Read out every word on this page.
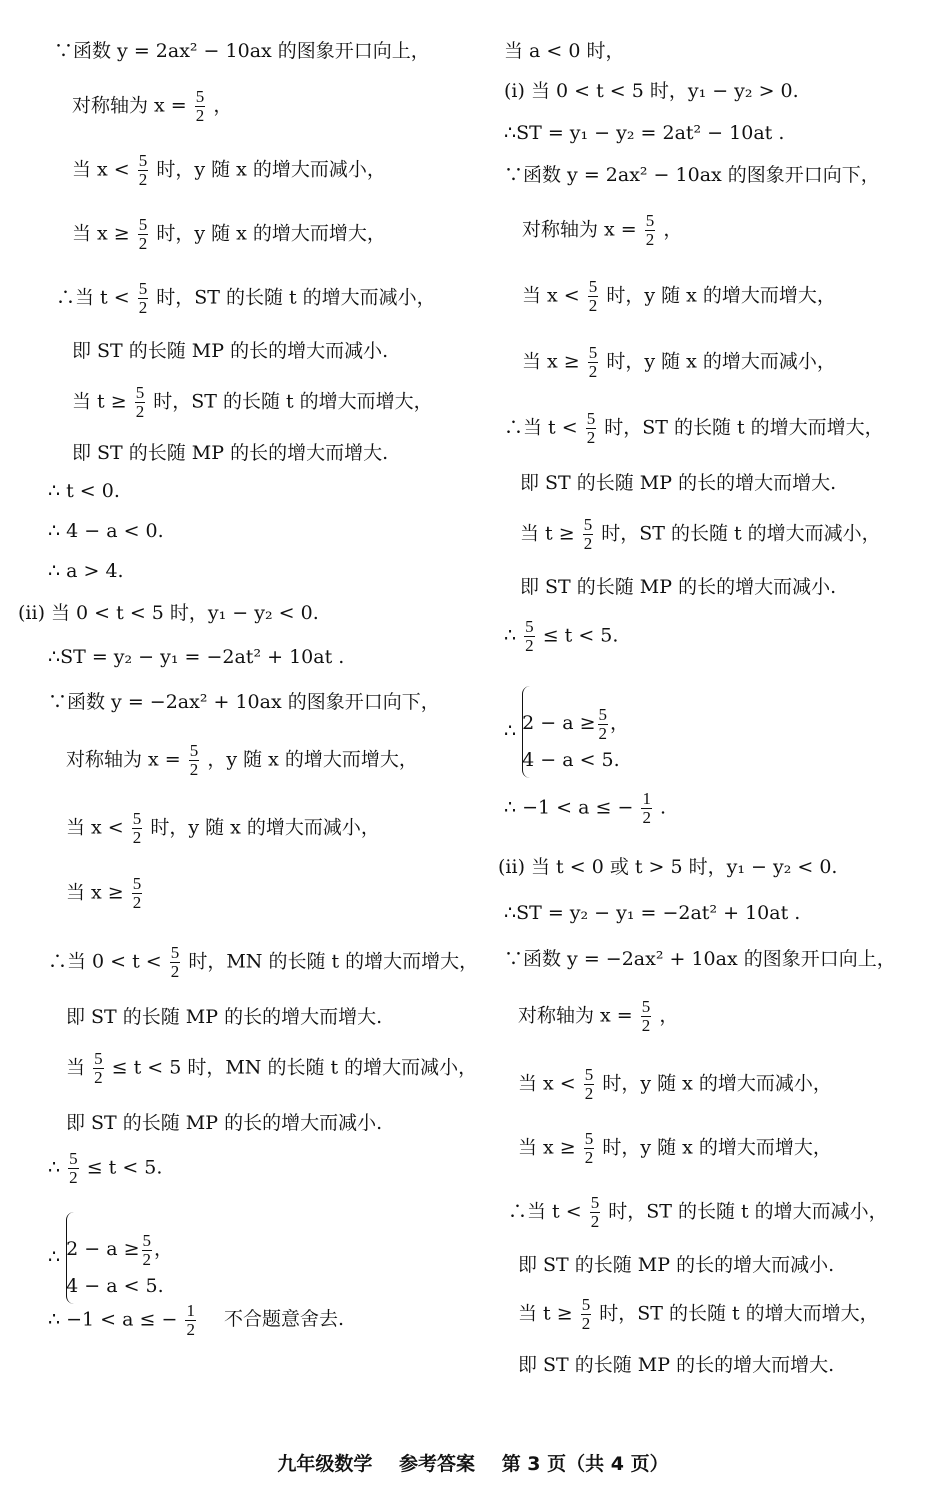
∵函数 y = 2ax² − 10ax 的图象开口向上，
对称轴为 $x = \frac{5}{2}$ ，
当 $x < \frac{5}{2}$ 时，y 随 x 的增大而减小，
当 $x \ge \frac{5}{2}$ 时，y 随 x 的增大而增大，
∴当 $t < \frac{5}{2}$ 时，ST 的长随 t 的增大而减小，
即 ST 的长随 MP 的长的增大而减小.
当 $t \ge \frac{5}{2}$ 时，ST 的长随 t 的增大而增大，
即 ST 的长随 MP 的长的增大而增大.
∴ t < 0.
∴ 4 − a < 0.
∴ a > 4.
(ii) 当 0 < t < 5 时，y₁ − y₂ < 0.
∴ST = y₂ − y₁ = −2at² + 10at .
∵函数 y = −2ax² + 10ax 的图象开口向下，
对称轴为 $x = \frac{5}{2}$ ，y 随 x 的增大而增大，
当 $x < \frac{5}{2}$ 时，y 随 x 的增大而减小，
当 $x \ge \frac{5}{2}$
∴当 $0 < t < \frac{5}{2}$ 时，MN 的长随 t 的增大而增大，
即 ST 的长随 MP 的长的增大而增大.
当 $\frac{5}{2} \le t < 5$ 时，MN 的长随 t 的增大而减小，
即 ST 的长随 MP 的长的增大而减小.
∴ $\frac{5}{2} \le t < 5$.
∴ $2 - a \ge \frac{5}{2}$ ，
4 − a < 5.
∴ −1 < a ≤ − $\frac{1}{2}$ 不合题意舍去.
当 a < 0 时，
(i) 当 0 < t < 5 时，y₁ − y₂ > 0.
∴ST = y₁ − y₂ = 2at² − 10at .
∵函数 y = 2ax² − 10ax 的图象开口向下，
对称轴为 $x = \frac{5}{2}$ ，
当 $x < \frac{5}{2}$ 时，y 随 x 的增大而增大，
当 $x \ge \frac{5}{2}$ 时，y 随 x 的增大而减小，
∴当 $t < \frac{5}{2}$ 时，ST 的长随 t 的增大而增大，
即 ST 的长随 MP 的长的增大而增大.
当 $t \ge \frac{5}{2}$ 时，ST 的长随 t 的增大而减小，
即 ST 的长随 MP 的长的增大而减小.
∴ $\frac{5}{2} \le t < 5$.
∴ $2 - a \ge \frac{5}{2}$ ，
4 − a < 5.
∴ −1 < a ≤ − $\frac{1}{2}$ .
(ii) 当 t < 0 或 t > 5 时，y₁ − y₂ < 0.
∴ST = y₂ − y₁ = −2at² + 10at .
∵函数 y = −2ax² + 10ax 的图象开口向上，
对称轴为 $x = \frac{5}{2}$ ，
当 $x < \frac{5}{2}$ 时，y 随 x 的增大而减小，
当 $x \ge \frac{5}{2}$ 时，y 随 x 的增大而增大，
∴当 $t < \frac{5}{2}$ 时，ST 的长随 t 的增大而减小，
即 ST 的长随 MP 的长的增大而减小.
当 $t \ge \frac{5}{2}$ 时，ST 的长随 t 的增大而增大，
即 ST 的长随 MP 的长的增大而增大.
九年级数学 参考答案 第 3 页（共 4 页）
